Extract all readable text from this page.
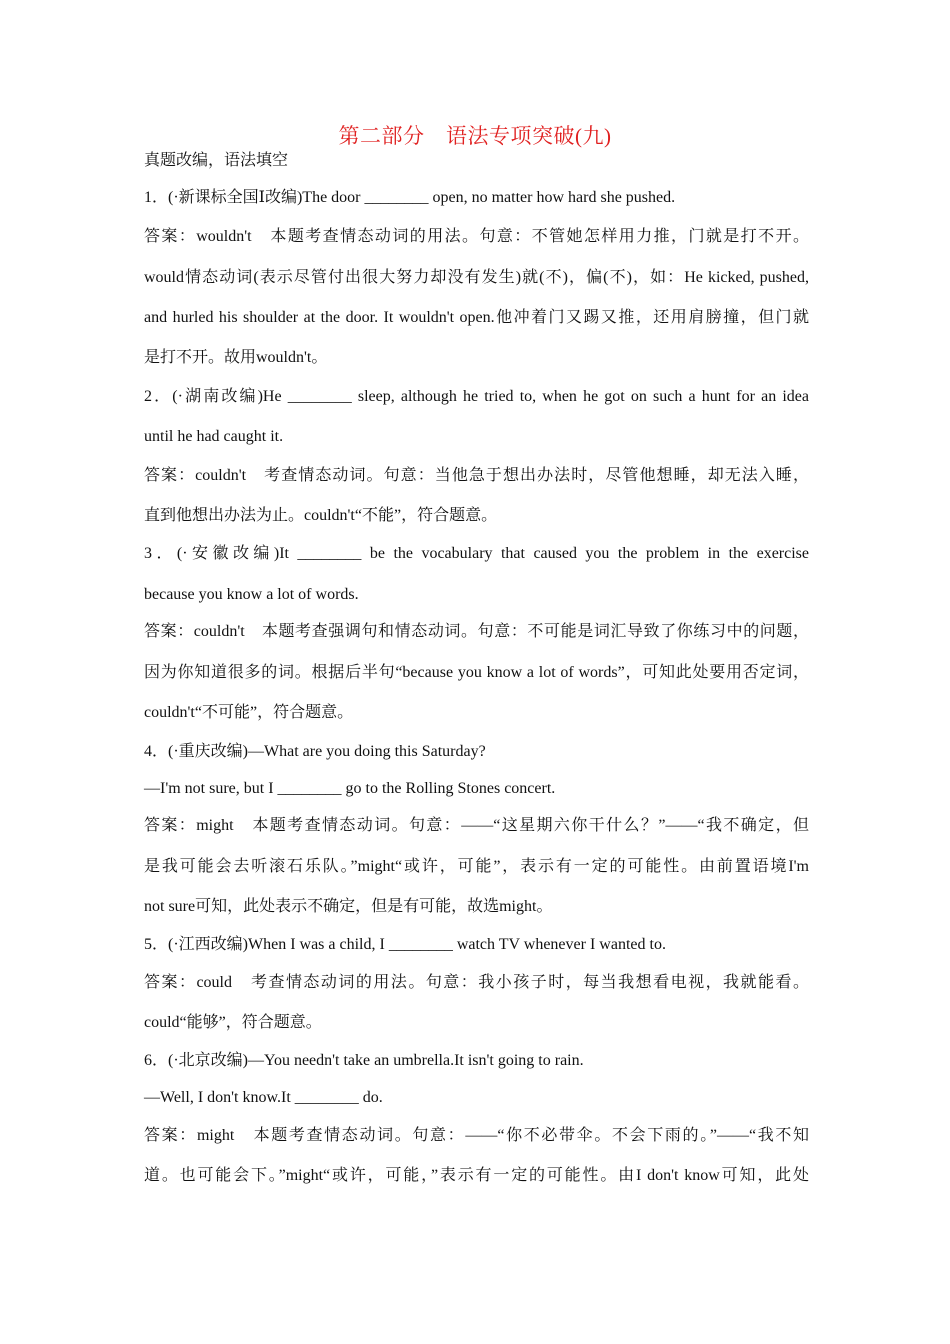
第二部分　语法专项突破(九)
1．(·新课标全国Ⅰ改编)The door ________ open, no matter how hard she pushed.
答案：wouldn't　本题考查情态动词的用法。句意：不管她怎样用力推，门就是打不开。
would情态动词(表示尽管付出很大努力却没有发生)就(不)，偏(不)，如：He kicked, pushed,
and hurled his shoulder at the door. It wouldn't open.他冲着门又踢又推，还用肩膀撞，但门就
是打不开。故用wouldn't。
2．(·湖南改编)He ________ sleep, although he tried to, when he got on such a hunt for an idea
until he had caught it.
答案：couldn't　考查情态动词。句意：当他急于想出办法时，尽管他想睡，却无法入睡，
直到他想出办法为止。couldn't“不能”，符合题意。
3．(·安徽改编)It ________ be the vocabulary that caused you the problem in the exercise
because you know a lot of words.
答案：couldn't　本题考查强调句和情态动词。句意：不可能是词汇导致了你练习中的问题，
因为你知道很多的词。根据后半句“because you know a lot of words”，可知此处要用否定词，
couldn't“不可能”，符合题意。
4．(·重庆改编)—What are you doing this Saturday?
—I'm not sure, but I ________ go to the Rolling Stones concert.
答案：might　本题考查情态动词。句意：——“这星期六你干什么？”——“我不确定，但
是我可能会去听滚石乐队。”might“或许，可能”，表示有一定的可能性。由前置语境I'm
not sure可知，此处表示不确定，但是有可能，故选might。
5．(·江西改编)When I was a child, I ________ watch TV whenever I wanted to.
答案：could　考查情态动词的用法。句意：我小孩子时，每当我想看电视，我就能看。
could“能够”，符合题意。
6．(·北京改编)—You needn't take an umbrella.It isn't going to rain.
—Well, I don't know.It ________ do.
答案：might　本题考查情态动词。句意：——“你不必带伞。不会下雨的。”——“我不知
道。也可能会下。”might“或许，可能，”表示有一定的可能性。由I don't know可知，此处
真题改编，语法填空
